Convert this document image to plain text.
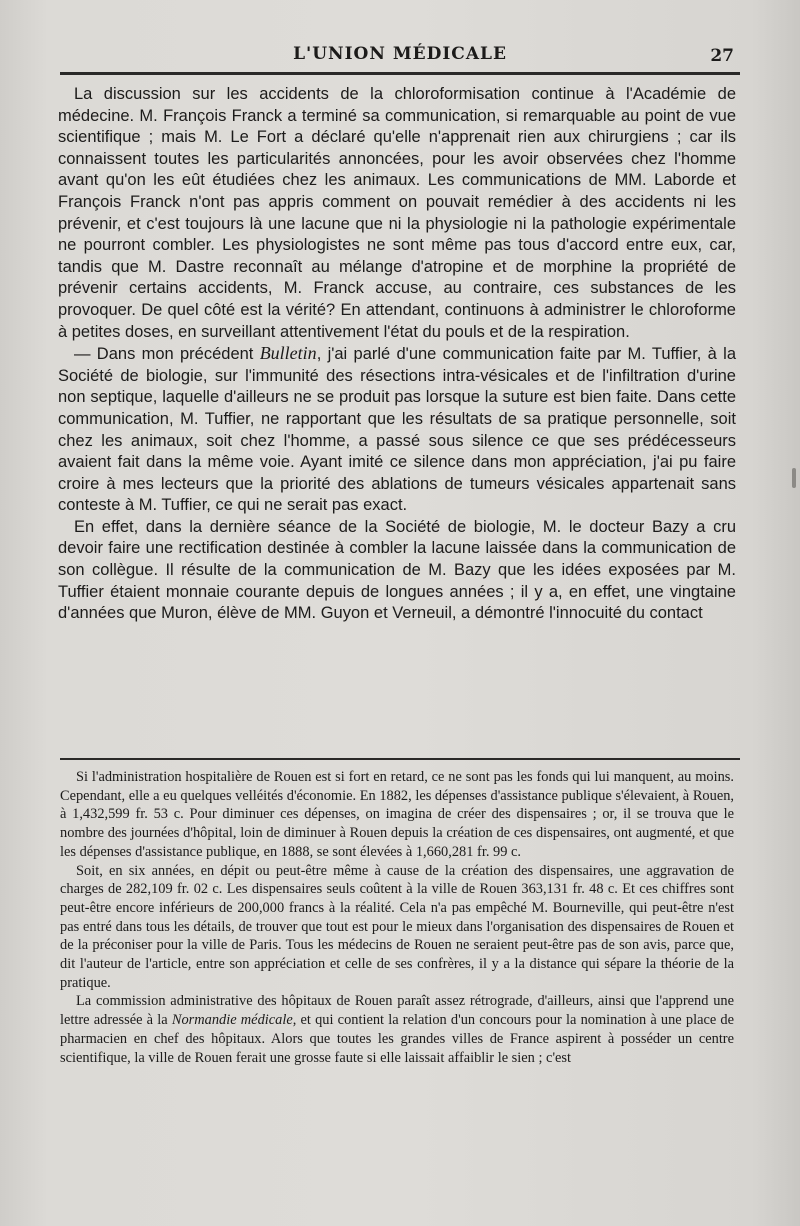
L'UNION MÉDICALE	27

La discussion sur les accidents de la chloroformisation continue à l'Académie de médecine. M. François Franck a terminé sa communication, si remarquable au point de vue scientifique ; mais M. Le Fort a déclaré qu'elle n'apprenait rien aux chirurgiens ; car ils connaissent toutes les particularités annoncées, pour les avoir observées chez l'homme avant qu'on les eût étudiées chez les animaux. Les communications de MM. Laborde et François Franck n'ont pas appris comment on pouvait remédier à des accidents ni les prévenir, et c'est toujours là une lacune que ni la physiologie ni la pathologie expérimentale ne pourront combler. Les physiologistes ne sont même pas tous d'accord entre eux, car, tandis que M. Dastre reconnaît au mélange d'atropine et de morphine la propriété de prévenir certains accidents, M. Franck accuse, au contraire, ces substances de les provoquer. De quel côté est la vérité? En attendant, continuons à administrer le chloroforme à petites doses, en surveillant attentivement l'état du pouls et de la respiration.

— Dans mon précédent Bulletin, j'ai parlé d'une communication faite par M. Tuffier, à la Société de biologie, sur l'immunité des résections intra-vésicales et de l'infiltration d'urine non septique, laquelle d'ailleurs ne se produit pas lorsque la suture est bien faite. Dans cette communication, M. Tuffier, ne rapportant que les résultats de sa pratique personnelle, soit chez les animaux, soit chez l'homme, a passé sous silence ce que ses prédécesseurs avaient fait dans la même voie. Ayant imité ce silence dans mon appréciation, j'ai pu faire croire à mes lecteurs que la priorité des ablations de tumeurs vésicales appartenait sans conteste à M. Tuffier, ce qui ne serait pas exact.

En effet, dans la dernière séance de la Société de biologie, M. le docteur Bazy a cru devoir faire une rectification destinée à combler la lacune laissée dans la communication de son collègue. Il résulte de la communication de M. Bazy que les idées exposées par M. Tuffier étaient monnaie courante depuis de longues années ; il y a, en effet, une vingtaine d'années que Muron, élève de MM. Guyon et Verneuil, a démontré l'innocuité du contact

Si l'administration hospitalière de Rouen est si fort en retard, ce ne sont pas les fonds qui lui manquent, au moins. Cependant, elle a eu quelques velléités d'économie. En 1882, les dépenses d'assistance publique s'élevaient, à Rouen, à 1,432,599 fr. 53 c. Pour diminuer ces dépenses, on imagina de créer des dispensaires ; or, il se trouva que le nombre des journées d'hôpital, loin de diminuer à Rouen depuis la création de ces dispensaires, ont augmenté, et que les dépenses d'assistance publique, en 1888, se sont élevées à 1,660,281 fr. 99 c.

Soit, en six années, en dépit ou peut-être même à cause de la création des dispensaires, une aggravation de charges de 282,109 fr. 02 c. Les dispensaires seuls coûtent à la ville de Rouen 363,131 fr. 48 c. Et ces chiffres sont peut-être encore inférieurs de 200,000 francs à la réalité. Cela n'a pas empêché M. Bourneville, qui peut-être n'est pas entré dans tous les détails, de trouver que tout est pour le mieux dans l'organisation des dispensaires de Rouen et de la préconiser pour la ville de Paris. Tous les médecins de Rouen ne seraient peut-être pas de son avis, parce que, dit l'auteur de l'article, entre son appréciation et celle de ses confrères, il y a la distance qui sépare la théorie de la pratique.

La commission administrative des hôpitaux de Rouen paraît assez rétrograde, d'ailleurs, ainsi que l'apprend une lettre adressée à la Normandie médicale, et qui contient la relation d'un concours pour la nomination à une place de pharmacien en chef des hôpitaux. Alors que toutes les grandes villes de France aspirent à posséder un centre scientifique, la ville de Rouen ferait une grosse faute si elle laissait affaiblir le sien ; c'est
